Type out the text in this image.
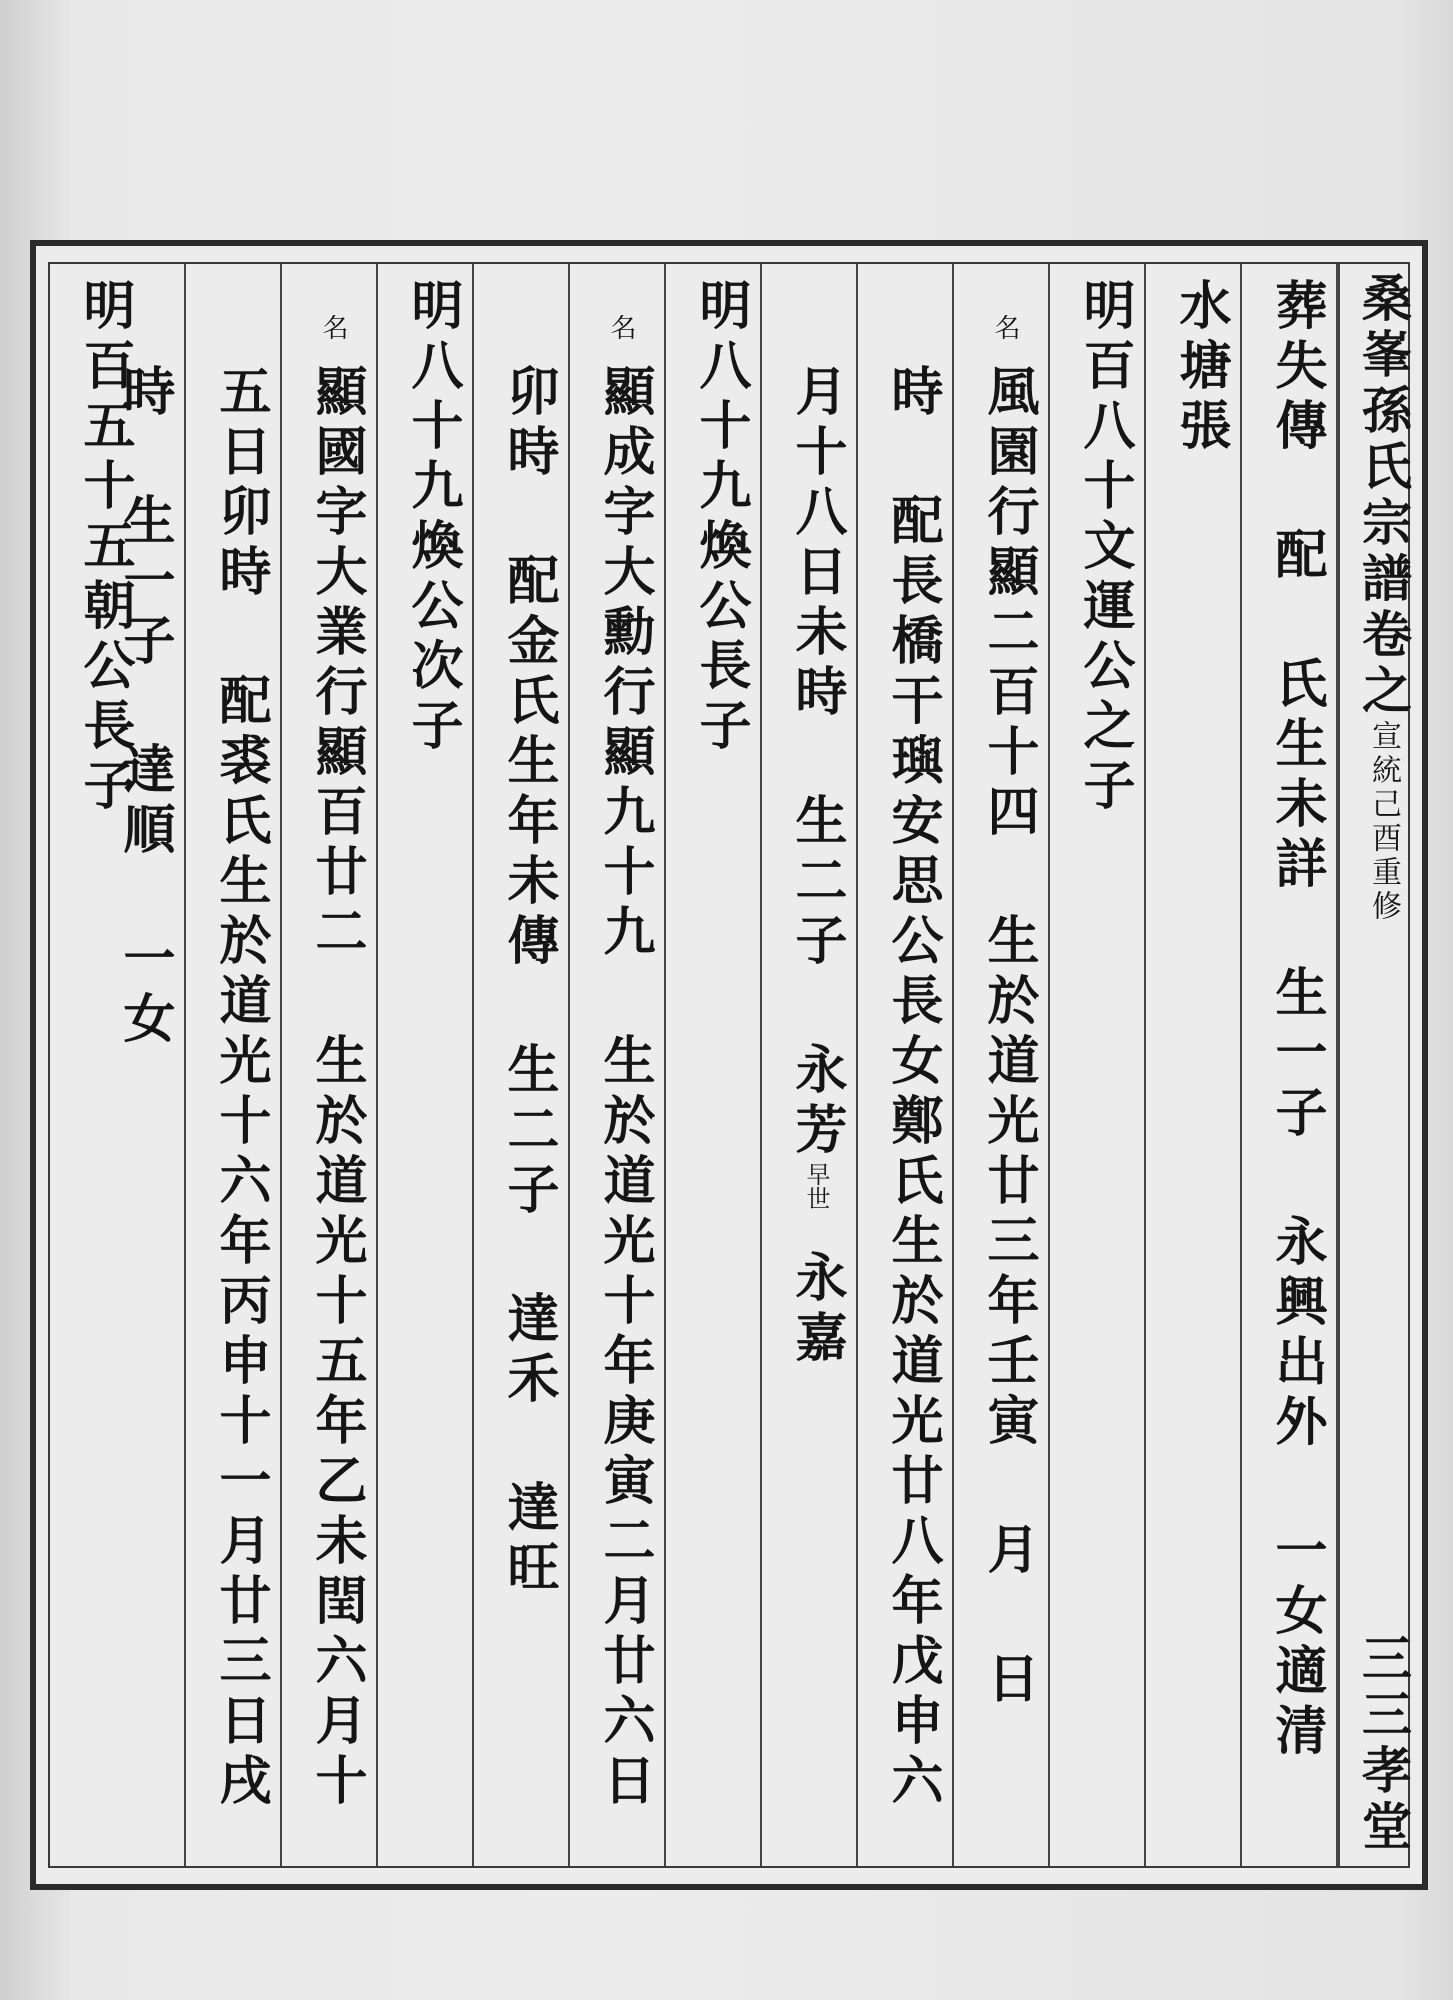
桑峯孫氏宗譜卷之宣統己酉重修
三三孝堂
葬失傳 配 氏生未詳 生一子 永興出外 一女適清
水塘張
明百八十文運公之子
名
風園行顯二百十四 生於道光廿三年壬寅 月 日
時 配長橋干璵安思公長女鄭氏生於道光廿八年戊申六
月十八日未時 生二子 永芳早世永嘉
明八十九煥公長子
名
顯成字大勳行顯九十九 生於道光十年庚寅二月廿六日
卯時 配金氏生年未傳 生二子 達禾 達旺
明八十九煥公次子
名
顯國字大業行顯百廿二 生於道光十五年乙未閏六月十
五日卯時 配裘氏生於道光十六年丙申十一月廿三日戌
時 生一子 達順 一女
明百五十五朝公長子
